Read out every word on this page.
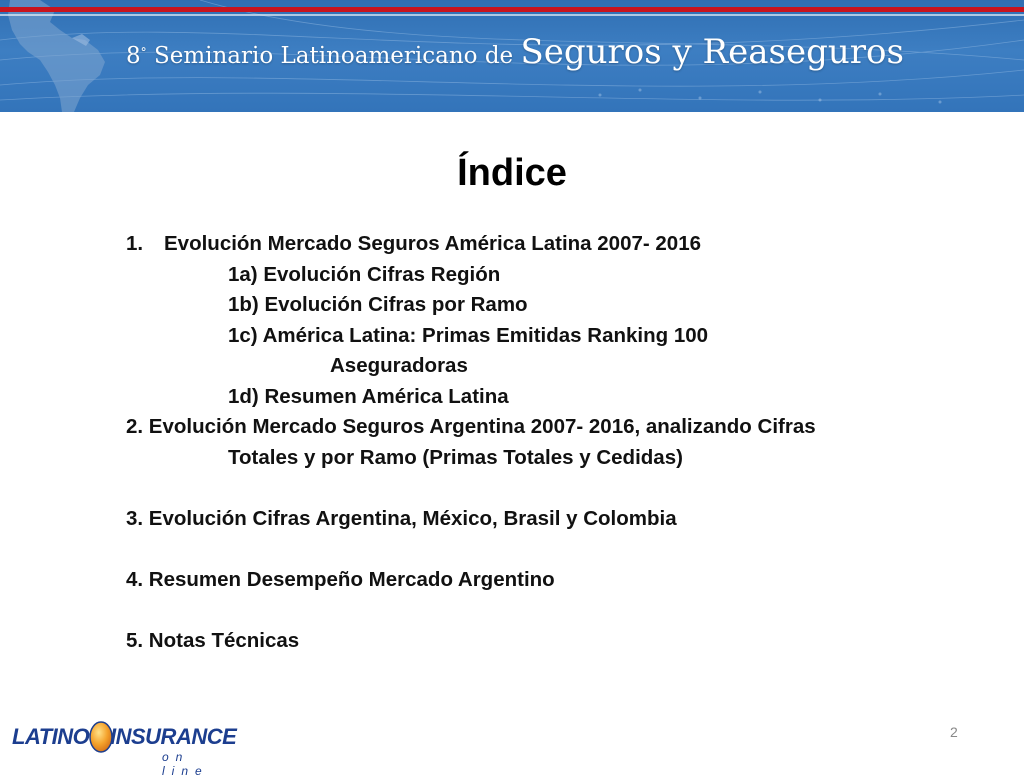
8° Seminario Latinoamericano de Seguros y Reaseguros
Índice
1. Evolución Mercado Seguros América Latina 2007- 2016
1a) Evolución Cifras Región
1b) Evolución Cifras por Ramo
1c) América Latina: Primas Emitidas Ranking 100
Aseguradoras
1d) Resumen América Latina
2. Evolución Mercado Seguros Argentina 2007- 2016, analizando Cifras
Totales y por Ramo (Primas Totales y Cedidas)
3. Evolución Cifras Argentina, México, Brasil y Colombia
4. Resumen Desempeño Mercado Argentino
5. Notas Técnicas
LATINO INSURANCE
on line
2
